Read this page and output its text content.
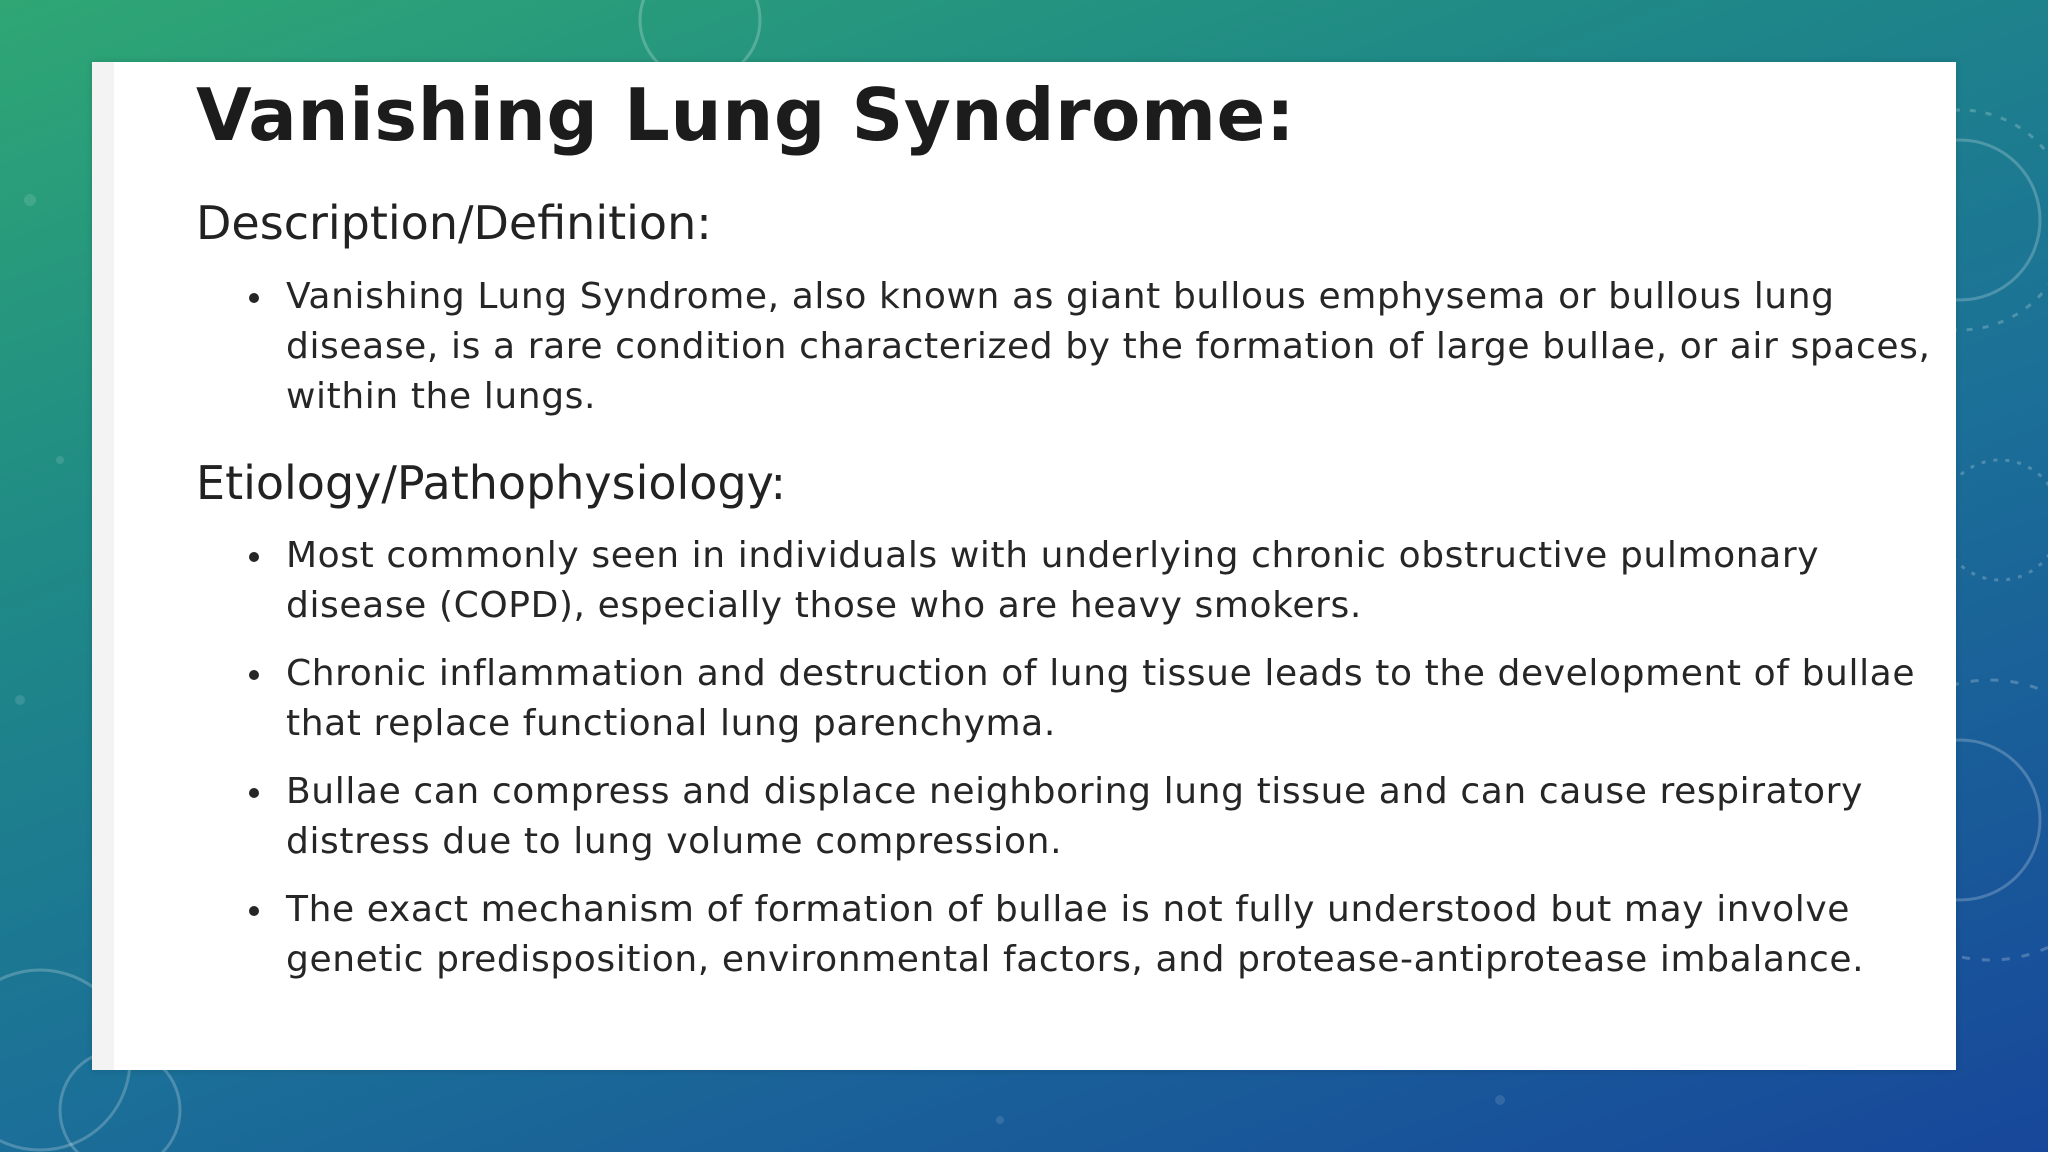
Vanishing Lung Syndrome:
Description/Definition:
Vanishing Lung Syndrome, also known as giant bullous emphysema or bullous lung disease, is a rare condition characterized by the formation of large bullae, or air spaces, within the lungs.
Etiology/Pathophysiology:
Most commonly seen in individuals with underlying chronic obstructive pulmonary disease (COPD), especially those who are heavy smokers.
Chronic inflammation and destruction of lung tissue leads to the development of bullae that replace functional lung parenchyma.
Bullae can compress and displace neighboring lung tissue and can cause respiratory distress due to lung volume compression.
The exact mechanism of formation of bullae is not fully understood but may involve genetic predisposition, environmental factors, and protease-antiprotease imbalance.
